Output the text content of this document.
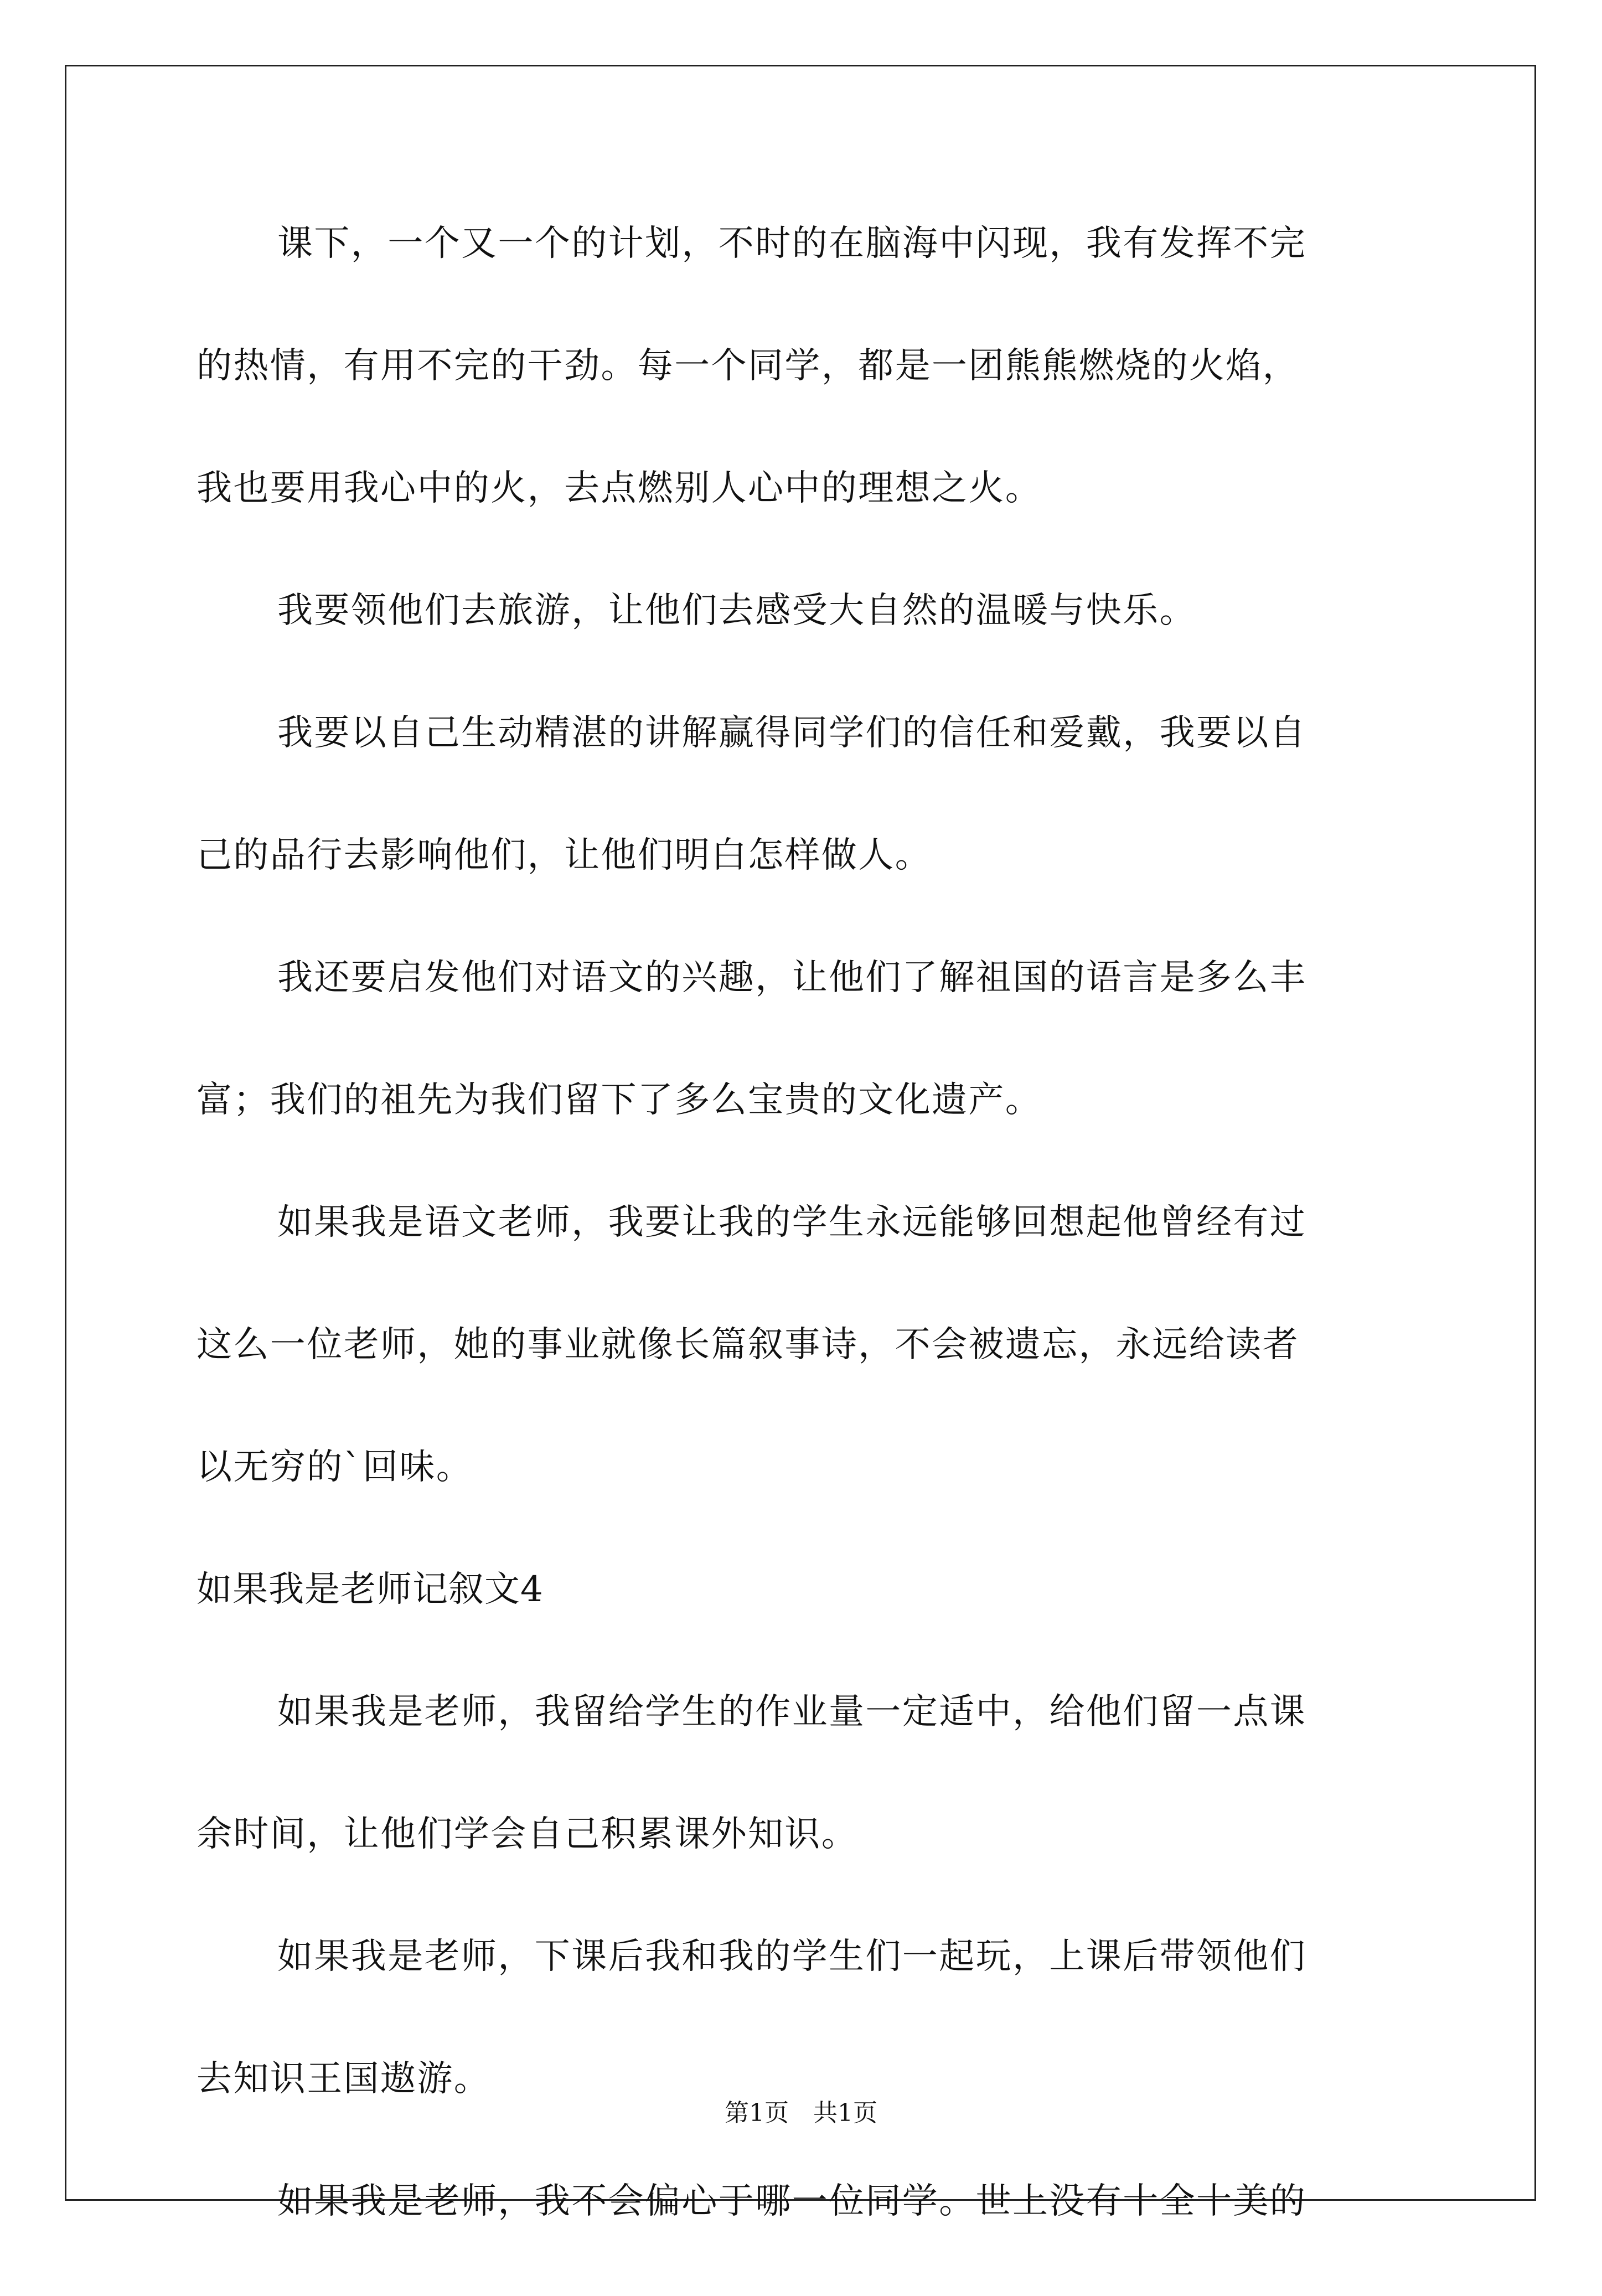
课下，一个又一个的计划，不时的在脑海中闪现，我有发挥不完
的热情，有用不完的干劲。每一个同学，都是一团熊熊燃烧的火焰，
我也要用我心中的火，去点燃别人心中的理想之火。
我要领他们去旅游，让他们去感受大自然的温暖与快乐。
我要以自己生动精湛的讲解赢得同学们的信任和爱戴，我要以自
己的品行去影响他们，让他们明白怎样做人。
我还要启发他们对语文的兴趣，让他们了解祖国的语言是多么丰
富；我们的祖先为我们留下了多么宝贵的文化遗产。
如果我是语文老师，我要让我的学生永远能够回想起他曾经有过
这么一位老师，她的事业就像长篇叙事诗，不会被遗忘，永远给读者
以无穷的`回味。
如果我是老师记叙文4
如果我是老师，我留给学生的作业量一定适中，给他们留一点课
余时间，让他们学会自己积累课外知识。
如果我是老师，下课后我和我的学生们一起玩，上课后带领他们
去知识王国遨游。
如果我是老师，我不会偏心于哪一位同学。世上没有十全十美的
第1页　共1页
